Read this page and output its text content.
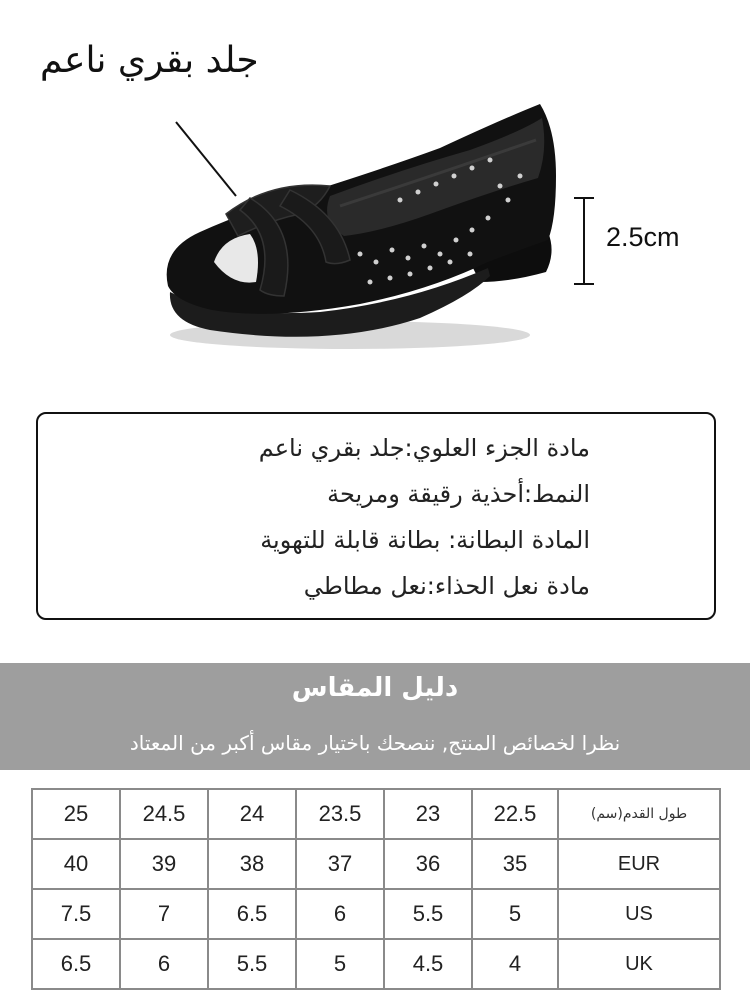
جلد بقري ناعم
2.5cm
مادة الجزء العلوي:جلد بقري ناعم
النمط:أحذية رقيقة ومريحة
المادة البطانة: بطانة قابلة للتهوية
مادة نعل الحذاء:نعل مطاطي
دليل المقاس
نظرا لخصائص المنتج, ننصحك باختيار مقاس أكبر من المعتاد
25	24.5	24	23.5	23	22.5	طول القدم(سم)
40	39	38	37	36	35	EUR
7.5	7	6.5	6	5.5	5	US
6.5	6	5.5	5	4.5	4	UK
